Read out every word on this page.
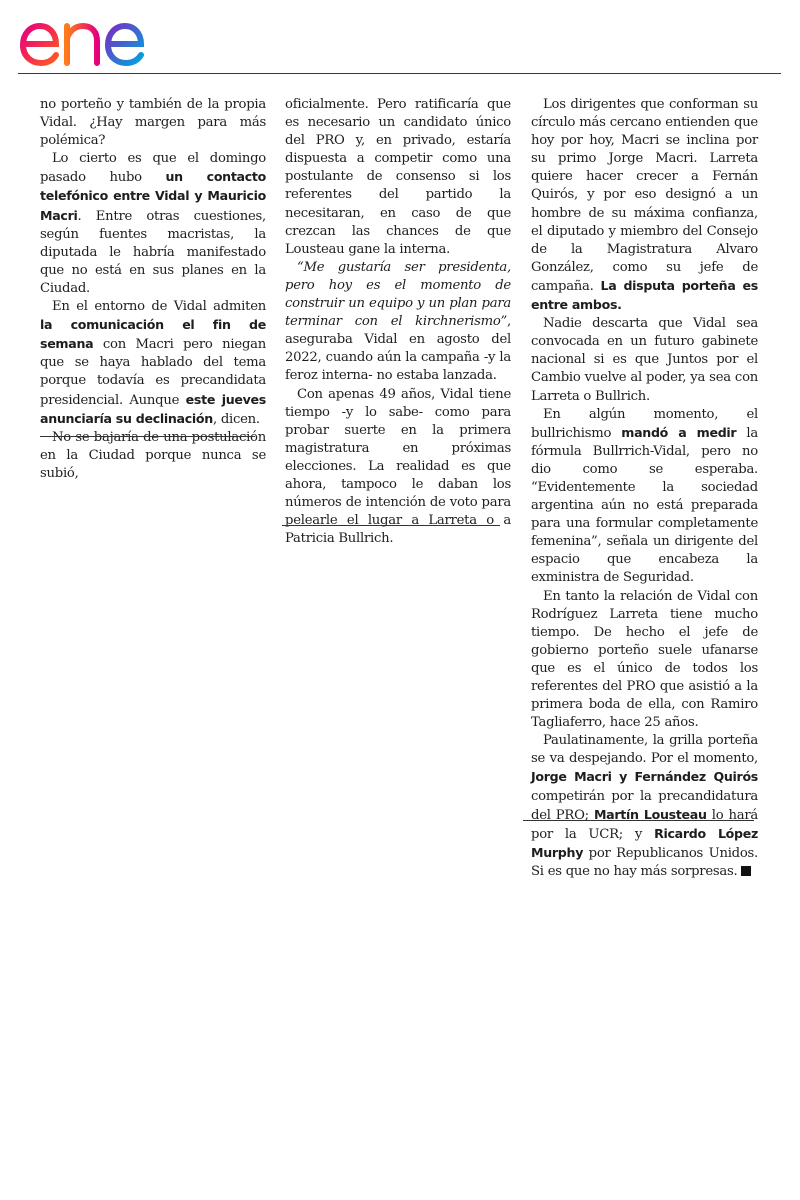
enel

no porteño y también de la propia Vidal. ¿Hay margen para más polémica?

Lo cierto es que el domingo pasado hubo un contacto telefónico entre Vidal y Mauricio Macri. Entre otras cuestiones, según fuentes macristas, la diputada le habría manifestado que no está en sus planes en la Ciudad.

En el entorno de Vidal admiten la comunicación el fin de semana con Macri pero niegan que se haya hablado del tema porque todavía es precandidata presidencial. Aunque este jueves anunciaría su declinación, dicen.

No se bajaría de una postulación en la Ciudad porque nunca se subió,

oficialmente. Pero ratificaría que es necesario un candidato único del PRO y, en privado, estaría dispuesta a competir como una postulante de consenso si los referentes del partido la necesitaran, en caso de que crezcan las chances de que Lousteau gane la interna.

“Me gustaría ser presidenta, pero hoy es el momento de construir un equipo y un plan para terminar con el kirchnerismo”, aseguraba Vidal en agosto del 2022, cuando aún la campaña -y la feroz interna- no estaba lanzada.

Con apenas 49 años, Vidal tiene tiempo -y lo sabe- como para probar suerte en la primera magistratura en próximas elecciones. La realidad es que ahora, tampoco le daban los números de intención de voto para pelearle el lugar a Larreta o a Patricia Bullrich.

Los dirigentes que conforman su círculo más cercano entienden que hoy por hoy, Macri se inclina por su primo Jorge Macri. Larreta quiere hacer crecer a Fernán Quirós, y por eso designó a un hombre de su máxima confianza, el diputado y miembro del Consejo de la Magistratura Alvaro González, como su jefe de campaña. La disputa porteña es entre ambos.

Nadie descarta que Vidal sea convocada en un futuro gabinete nacional si es que Juntos por el Cambio vuelve al poder, ya sea con Larreta o Bullrich.

En algún momento, el bullrichismo mandó a medir la fórmula Bullrrich-Vidal, pero no dio como se esperaba. “Evidentemente la sociedad argentina aún no está preparada para una formular completamente femenina”, señala un dirigente del espacio que encabeza la exministra de Seguridad.

En tanto la relación de Vidal con Rodríguez Larreta tiene mucho tiempo. De hecho el jefe de gobierno porteño suele ufanarse que es el único de todos los referentes del PRO que asistió a la primera boda de ella, con Ramiro Tagliaferro, hace 25 años.

Paulatinamente, la grilla porteña se va despejando. Por el momento, Jorge Macri y Fernández Quirós competirán por la precandidatura del PRO; Martín Lousteau lo hará por la UCR; y Ricardo López Murphy por Republicanos Unidos. Si es que no hay más sorpresas.
